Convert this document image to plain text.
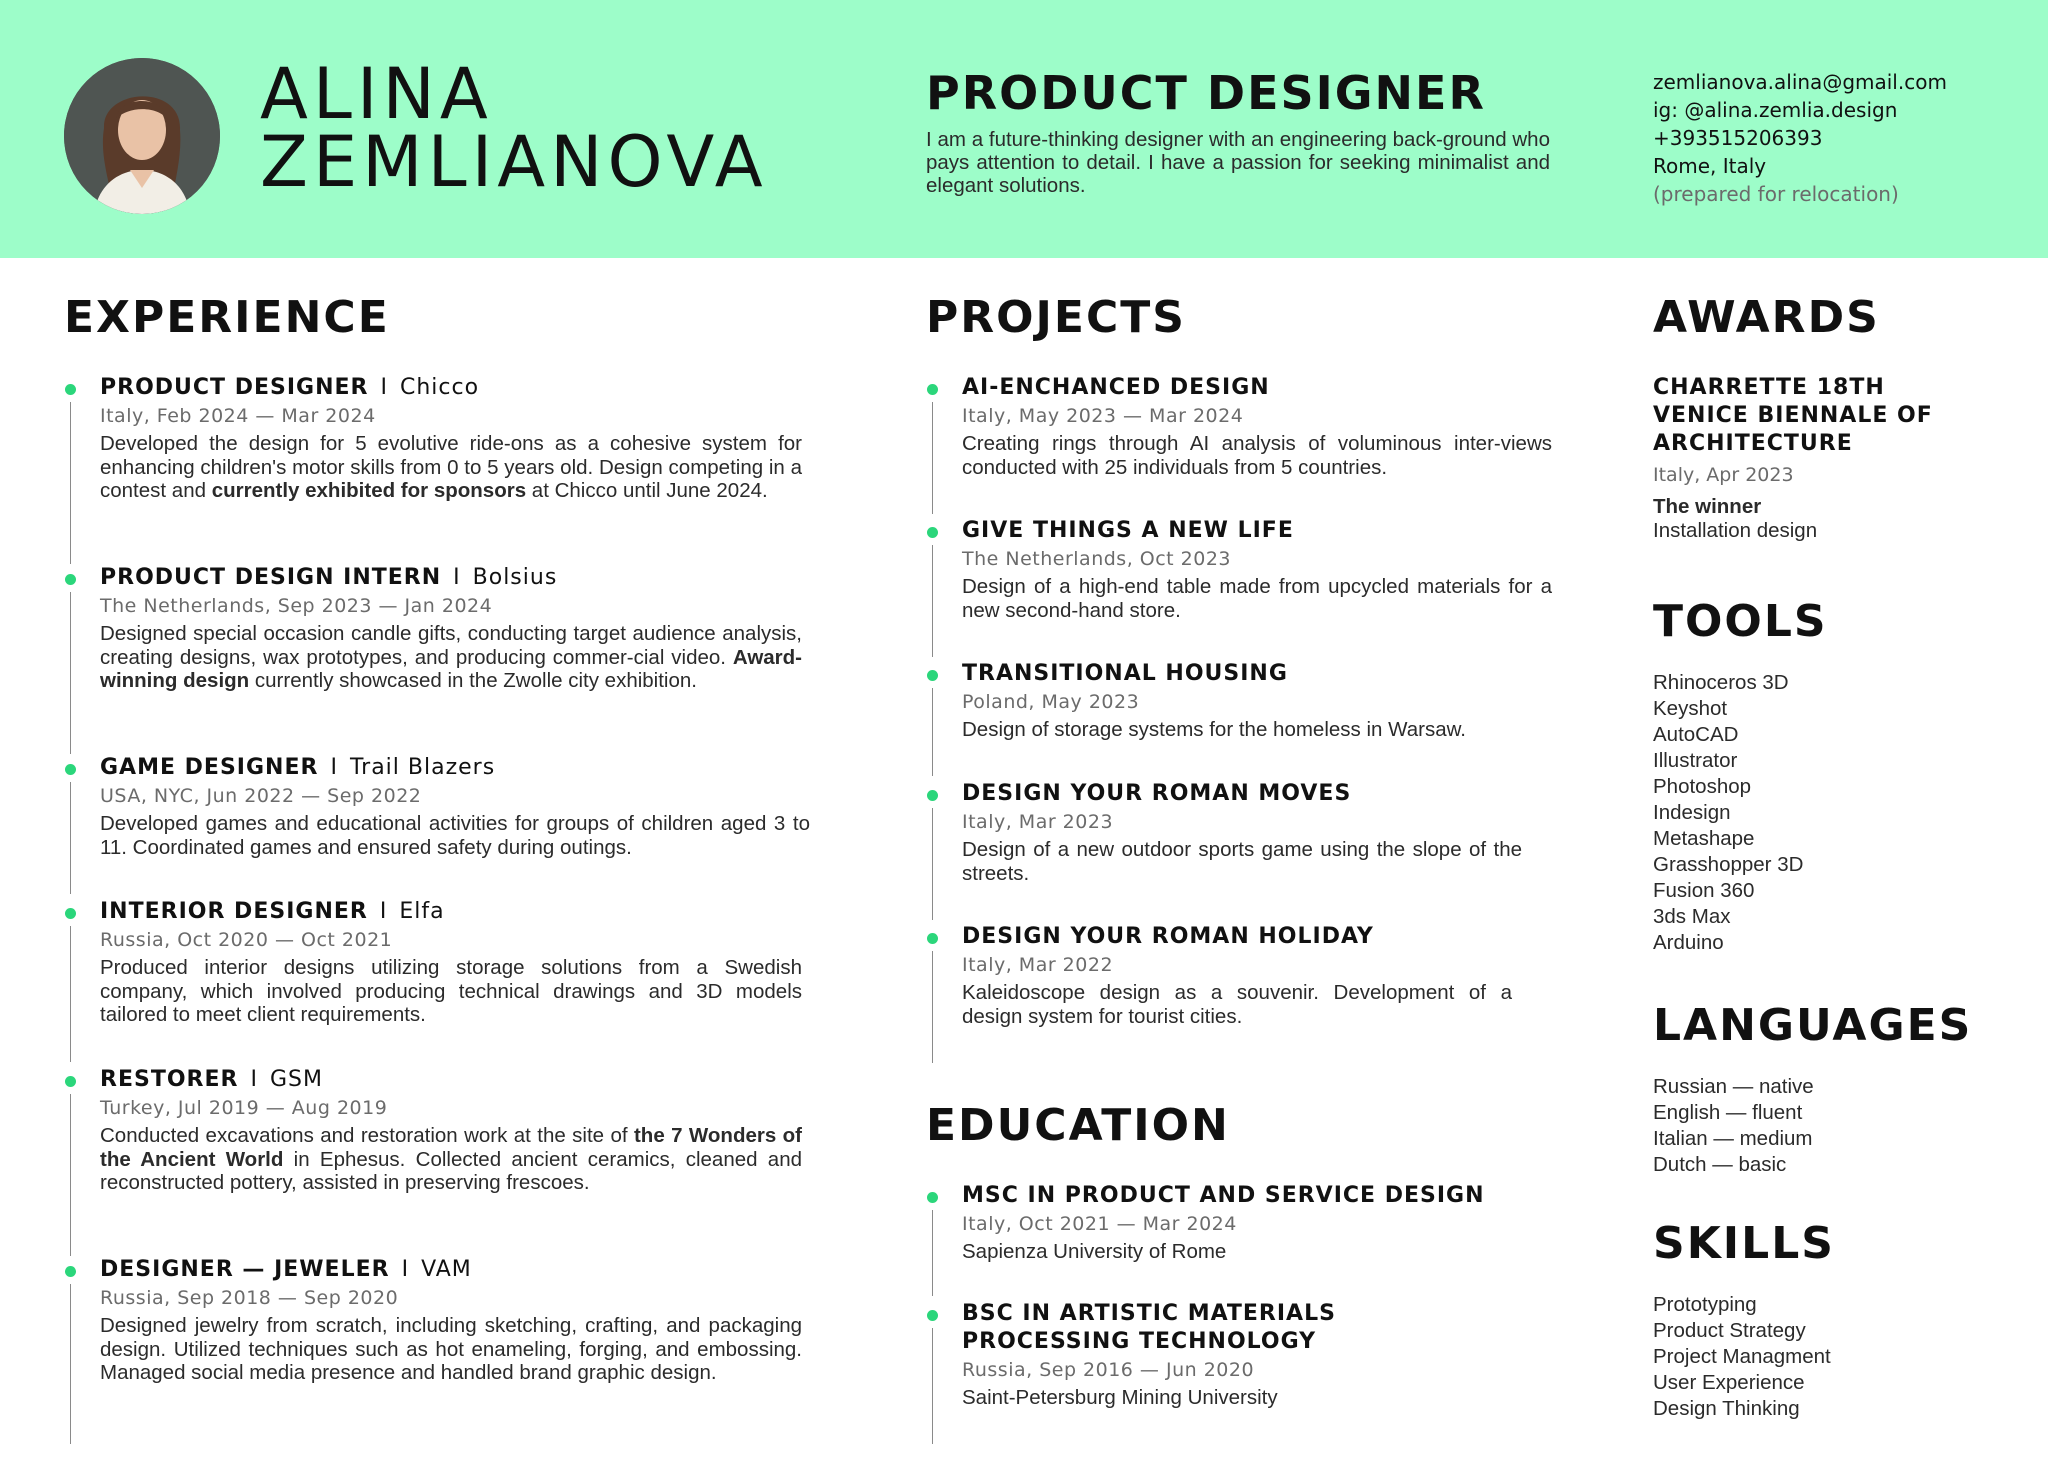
ALINA
ZEMLIANOVA
PRODUCT DESIGNER
I am a future-thinking designer with an engineering back-ground who pays attention to detail. I have a passion for seeking minimalist and elegant solutions.
zemlianova.alina@gmail.com
ig: @alina.zemlia.design
+393515206393
Rome, Italy
(prepared for relocation)
EXPERIENCE
PRODUCT DESIGNER I Chicco
Italy, Feb 2024 — Mar 2024
Developed the design for 5 evolutive ride-ons as a cohesive system for enhancing children's motor skills from 0 to 5 years old. Design competing in a contest and currently exhibited for sponsors at Chicco until June 2024.
PRODUCT DESIGN INTERN I Bolsius
The Netherlands, Sep 2023 — Jan 2024
Designed special occasion candle gifts, conducting target audience analysis, creating designs, wax prototypes, and producing commer-cial video. Award-winning design currently showcased in the Zwolle city exhibition.
GAME DESIGNER I Trail Blazers
USA, NYC, Jun 2022 — Sep 2022
Developed games and educational activities for groups of children aged 3 to 11. Coordinated games and ensured safety during outings.
INTERIOR DESIGNER I Elfa
Russia, Oct 2020 — Oct 2021
Produced interior designs utilizing storage solutions from a Swedish company, which involved producing technical drawings and 3D models tailored to meet client requirements.
RESTORER I GSM
Turkey, Jul 2019 — Aug 2019
Conducted excavations and restoration work at the site of the 7 Wonders of the Ancient World in Ephesus. Collected ancient ceramics, cleaned and reconstructed pottery, assisted in preserving frescoes.
DESIGNER — JEWELER I VAM
Russia, Sep 2018 — Sep 2020
Designed jewelry from scratch, including sketching, crafting, and packaging design. Utilized techniques such as hot enameling, forging, and embossing. Managed social media presence and handled brand graphic design.
PROJECTS
AI-ENCHANCED DESIGN
Italy, May 2023 — Mar 2024
Creating rings through AI analysis of voluminous inter-views conducted with 25 individuals from 5 countries.
GIVE THINGS A NEW LIFE
The Netherlands, Oct 2023
Design of a high-end table made from upcycled materials for a new second-hand store.
TRANSITIONAL HOUSING
Poland, May 2023
Design of storage systems for the homeless in Warsaw.
DESIGN YOUR ROMAN MOVES
Italy, Mar 2023
Design of a new outdoor sports game using the slope of the streets.
DESIGN YOUR ROMAN HOLIDAY
Italy, Mar 2022
Kaleidoscope design as a souvenir. Development of a design system for tourist cities.
EDUCATION
MSC IN PRODUCT AND SERVICE DESIGN
Italy, Oct 2021 — Mar 2024
Sapienza University of Rome
BSC IN ARTISTIC MATERIALS PROCESSING TECHNOLOGY
Russia, Sep 2016 — Jun 2020
Saint-Petersburg Mining University
AWARDS
CHARRETTE 18TH VENICE BIENNALE OF ARCHITECTURE
Italy, Apr 2023
The winner
Installation design
TOOLS
Rhinoceros 3D
Keyshot
AutoCAD
Illustrator
Photoshop
Indesign
Metashape
Grasshopper 3D
Fusion 360
3ds Max
Arduino
LANGUAGES
Russian — native
English — fluent
Italian — medium
Dutch — basic
SKILLS
Prototyping
Product Strategy
Project Managment
User Experience
Design Thinking
